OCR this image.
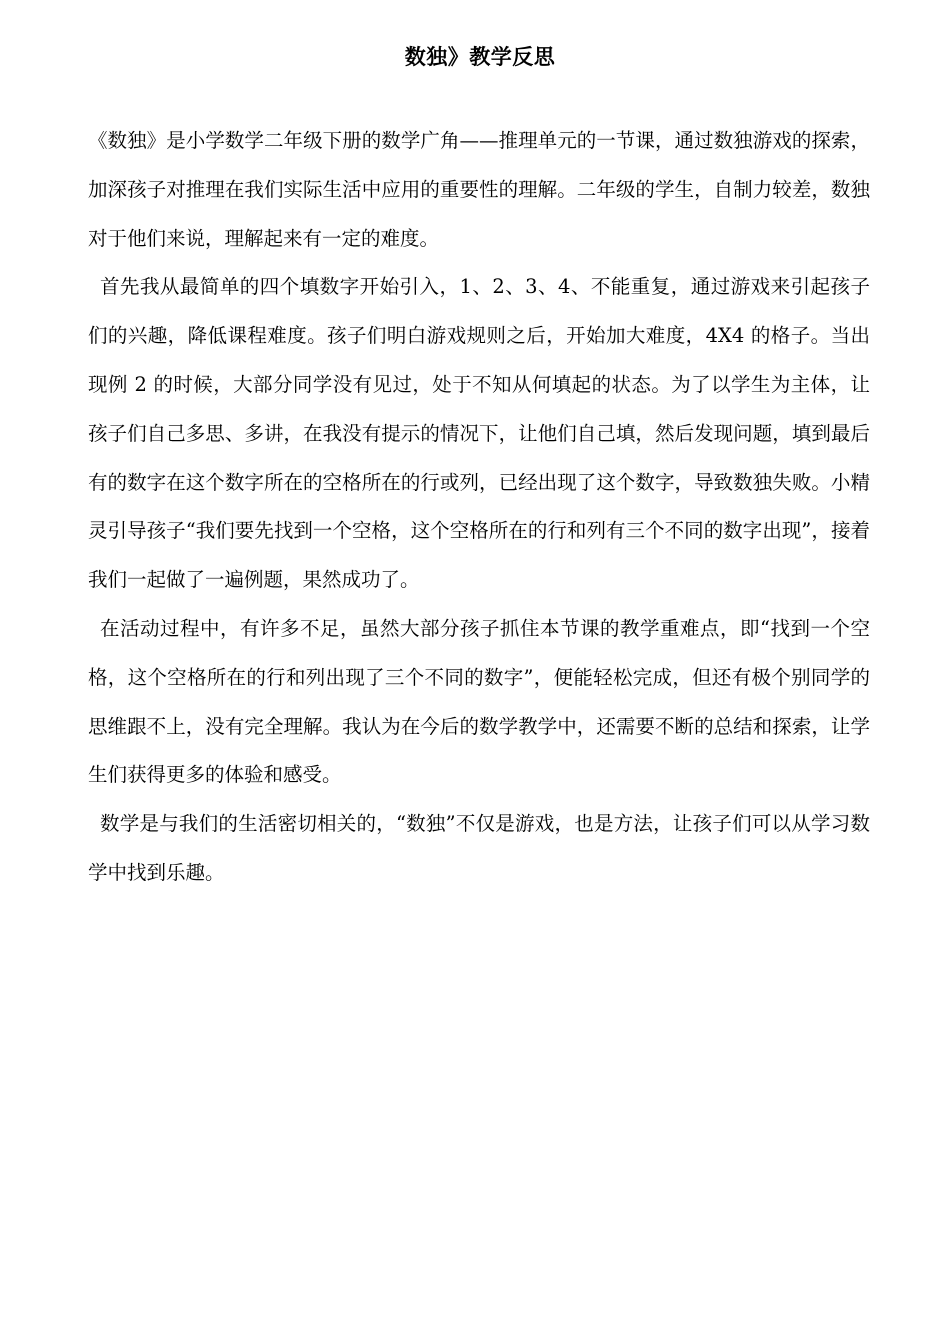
数独》教学反思

《数独》是小学数学二年级下册的数学广角——推理单元的一节课，通过数独游戏的探索，加深孩子对推理在我们实际生活中应用的重要性的理解。二年级的学生，自制力较差，数独对于他们来说，理解起来有一定的难度。

首先我从最简单的四个填数字开始引入，1、2、3、4、不能重复，通过游戏来引起孩子们的兴趣，降低课程难度。孩子们明白游戏规则之后，开始加大难度，4X4 的格子。当出现例 2 的时候，大部分同学没有见过，处于不知从何填起的状态。为了以学生为主体，让孩子们自己多思、多讲，在我没有提示的情况下，让他们自己填，然后发现问题，填到最后有的数字在这个数字所在的空格所在的行或列，已经出现了这个数字，导致数独失败。小精灵引导孩子“我们要先找到一个空格，这个空格所在的行和列有三个不同的数字出现”，接着我们一起做了一遍例题，果然成功了。

在活动过程中，有许多不足，虽然大部分孩子抓住本节课的教学重难点，即“找到一个空格，这个空格所在的行和列出现了三个不同的数字”，便能轻松完成，但还有极个别同学的思维跟不上，没有完全理解。我认为在今后的数学教学中，还需要不断的总结和探索，让学生们获得更多的体验和感受。

数学是与我们的生活密切相关的，“数独”不仅是游戏，也是方法，让孩子们可以从学习数学中找到乐趣。
